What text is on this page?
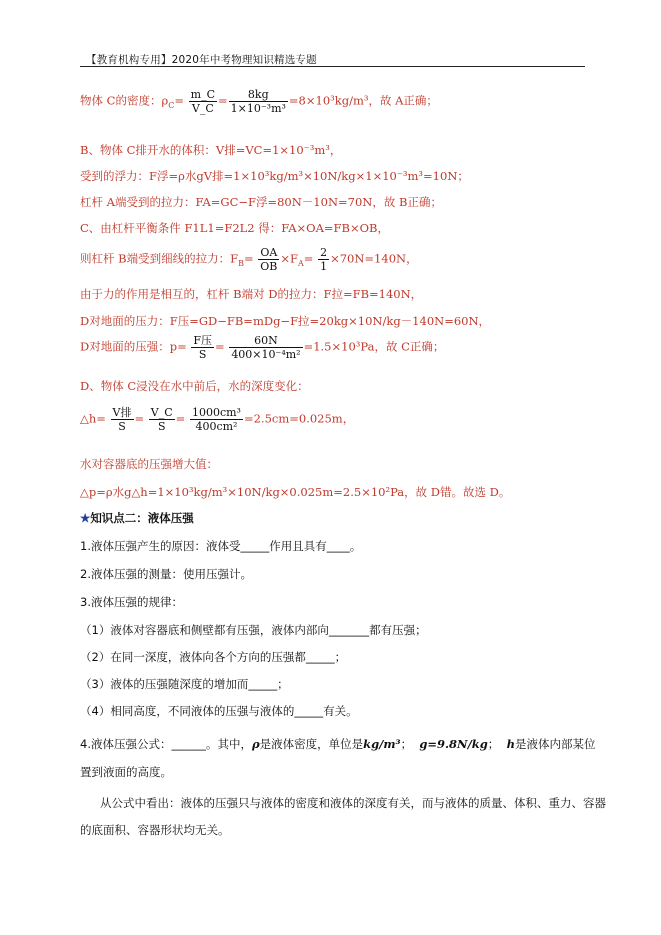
【教育机构专用】2020年中考物理知识精选专题
物体 C的密度：$\rho_C= \frac{m\_C}{V\_C} = \frac{8kg}{\text{1×10⁻³m³}} =8\times 10^3kg/m^3$，故 A正确；
B、物体 C排开水的体积：V排=VC=1×10⁻³m³，
受到的浮力：F浮=ρ水gV排=1×10³kg/m³×10N/kg×1×10⁻³m³=10N；
杠杆 A端受到的拉力：FA=GC−F浮=80N－10N=70N，故 B正确；
C、由杠杆平衡条件 F1L1=F2L2 得：FA×OA=FB×OB，
则杠杆 B端受到细线的拉力：$F_B= \frac{OA}{OB} \times F_A= \frac{2}{1} \times 70N=140N$，
由于力的作用是相互的，杠杆 B端对 D的拉力：F拉=FB=140N，
D对地面的压力：F压=GD−FB=mDg−F拉=20kg×10N/kg－140N=60N，
D对地面的压强：$p= \frac{\text{F压}}{S} = \frac{60N}{\text{400×10⁻⁴m²}} =1.5\times 10^3Pa$，故 C正确；
D、物体 C浸没在水中前后，水的深度变化：
△h= $\frac{\text{V排}}{S} = \frac{V\_C}{S} = \frac{\text{1000cm³}}{\text{400cm²}} =2.5cm=0.025m$，
水对容器底的压强增大值：
△p=ρ水g△h=1×10³kg/m³×10N/kg×0.025m=2.5×10²Pa，故 D错。故选 D。
★知识点二：液体压强
1.液体压强产生的原因：液体受_____作用且具有____。
2.液体压强的测量：使用压强计。
3.液体压强的规律：
（1）液体对容器底和侧壁都有压强，液体内部向_______都有压强；
（2）在同一深度，液体向各个方向的压强都_____；
（3）液体的压强随深度的增加而_____；
（4）相同高度，不同液体的压强与液体的_____有关。
4.液体压强公式：______。其中，ρ是液体密度，单位是kg/m³； g=9.8N/kg； h是液体内部某位
置到液面的高度。
从公式中看出：液体的压强只与液体的密度和液体的深度有关，而与液体的质量、体积、重力、容器
的底面积、容器形状均无关。
